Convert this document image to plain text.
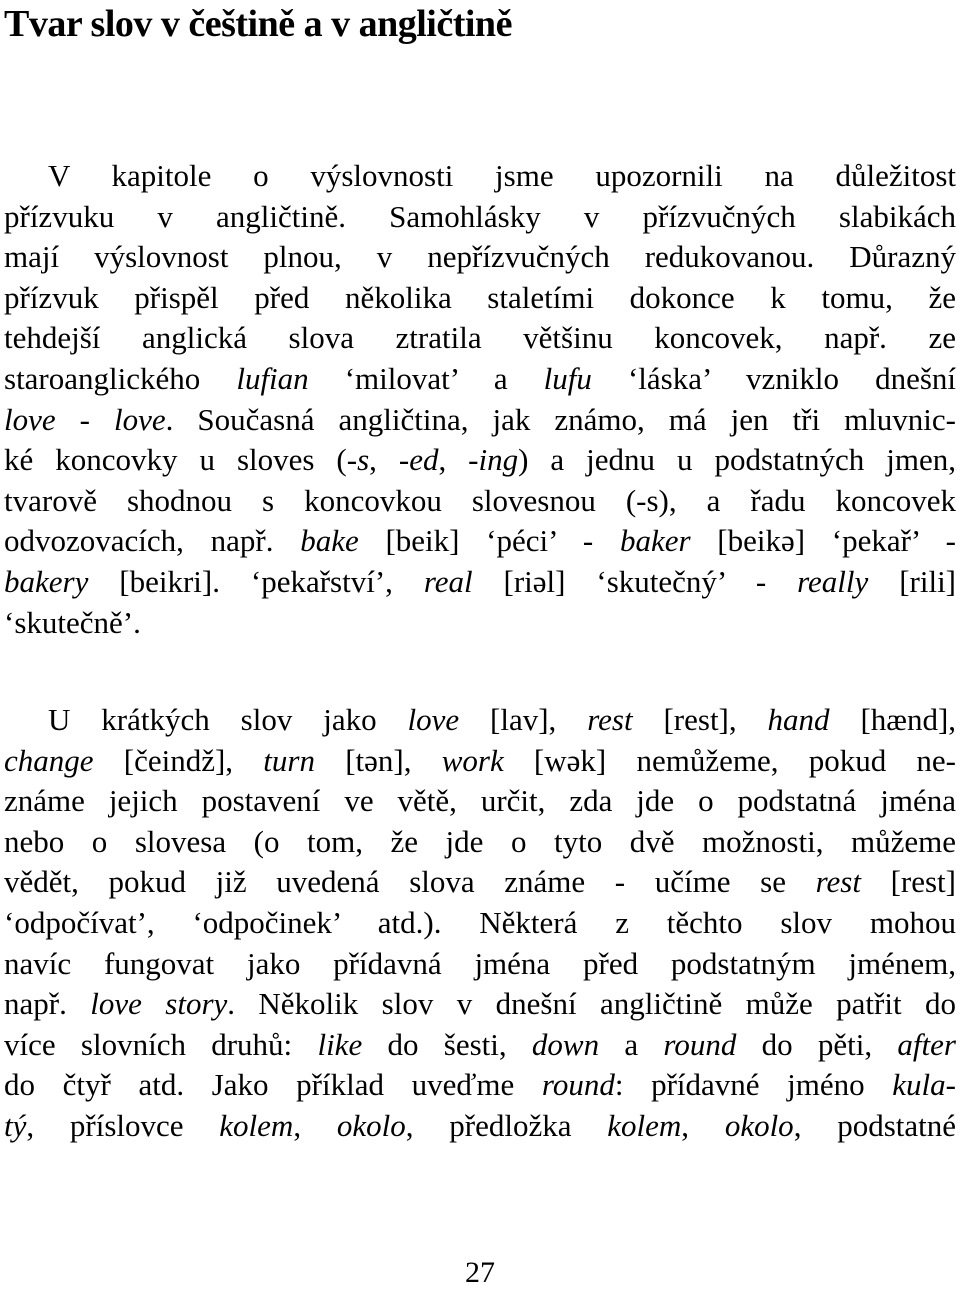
Tvar slov v češtině a v angličtině
V kapitole o výslovnosti jsme upozornili na důležitost
přízvuku v angličtině. Samohlásky v přízvučných slabikách
mají výslovnost plnou, v nepřízvučných redukovanou. Důrazný
přízvuk přispěl před několika staletími dokonce k tomu, že
tehdejší anglická slova ztratila většinu koncovek, např. ze
staroanglického lufian ‘milovat’ a lufu ‘láska’ vzniklo dnešní
love - love. Současná angličtina, jak známo, má jen tři mluvnic-
ké koncovky u sloves (-s, -ed, -ing) a jednu u podstatných jmen,
tvarově shodnou s koncovkou slovesnou (-s), a řadu koncovek
odvozovacích, např. bake [beik] ‘péci’ - baker [beikə] ‘pekař’ -
bakery [beikri]. ‘pekařství’, real [riəl] ‘skutečný’ - really [rili]
‘skutečně’.
U krátkých slov jako love [lav], rest [rest], hand [hænd],
change [čeindž], turn [tən], work [wək] nemůžeme, pokud ne-
známe jejich postavení ve větě, určit, zda jde o podstatná jména
nebo o slovesa (o tom, že jde o tyto dvě možnosti, můžeme
vědět, pokud již uvedená slova známe - učíme se rest [rest]
‘odpočívat’, ‘odpočinek’ atd.). Některá z těchto slov mohou
navíc fungovat jako přídavná jména před podstatným jménem,
např. love story. Několik slov v dnešní angličtině může patřit do
více slovních druhů: like do šesti, down a round do pěti, after
do čtyř atd. Jako příklad uveďme round: přídavné jméno kula-
tý, příslovce kolem, okolo, předložka kolem, okolo, podstatné

27
